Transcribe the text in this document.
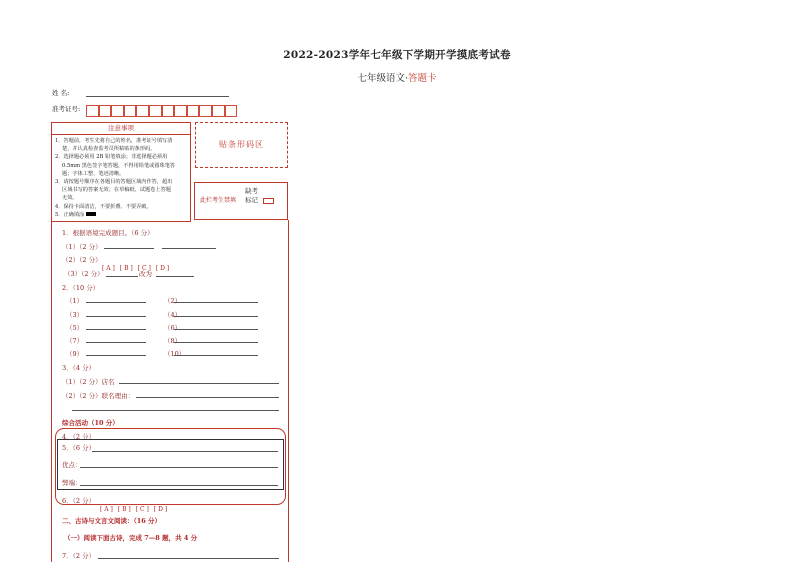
2022-2023学年七年级下学期开学摸底考试卷
七年级语文·答题卡
姓 名:
准考证号:
注意事项
1．答题前，考生先将自己的姓名，准考证号填写清
楚，并认真检查监考员所粘贴的条形码。
2．选择题必须用 2B 铅笔填涂；非选择题必须用
0.5mm 黑色签字笔答题，不得用铅笔或圆珠笔答
题；字体工整、笔迹清晰。
3．请按题号顺序在各题目的答题区域内作答，超出
区域书写的答案无效；在草稿纸、试题卷上答题
无效。
4．保持卡面清洁，不要折叠、不要弄破。
5．正确填涂
贴条形码区
此栏考生禁填
缺考
标记
1．根据语境完成题目。（6 分）
（1）（2 分）
（2）（2 分）
[ A ] [ B ] [ C ] [ D ]
（3）（2 分）	改为
2．（10 分）
（1）	（2）
（3）	（4）
（5）	（6）
（7）	（8）
（9）	（10）
3．（4 分）
（1）（2 分）店名
（2）（2 分）联名理由：
综合活动（10 分）
4．（2 分）
5．（6 分）
优点：
弊端：
6．（2 分）
[ A ] [ B ] [ C ] [ D ]
二、古诗与文言文阅读：（16 分）
（一）阅读下面古诗，完成 7—8 题，共 4 分
7．（2 分）
